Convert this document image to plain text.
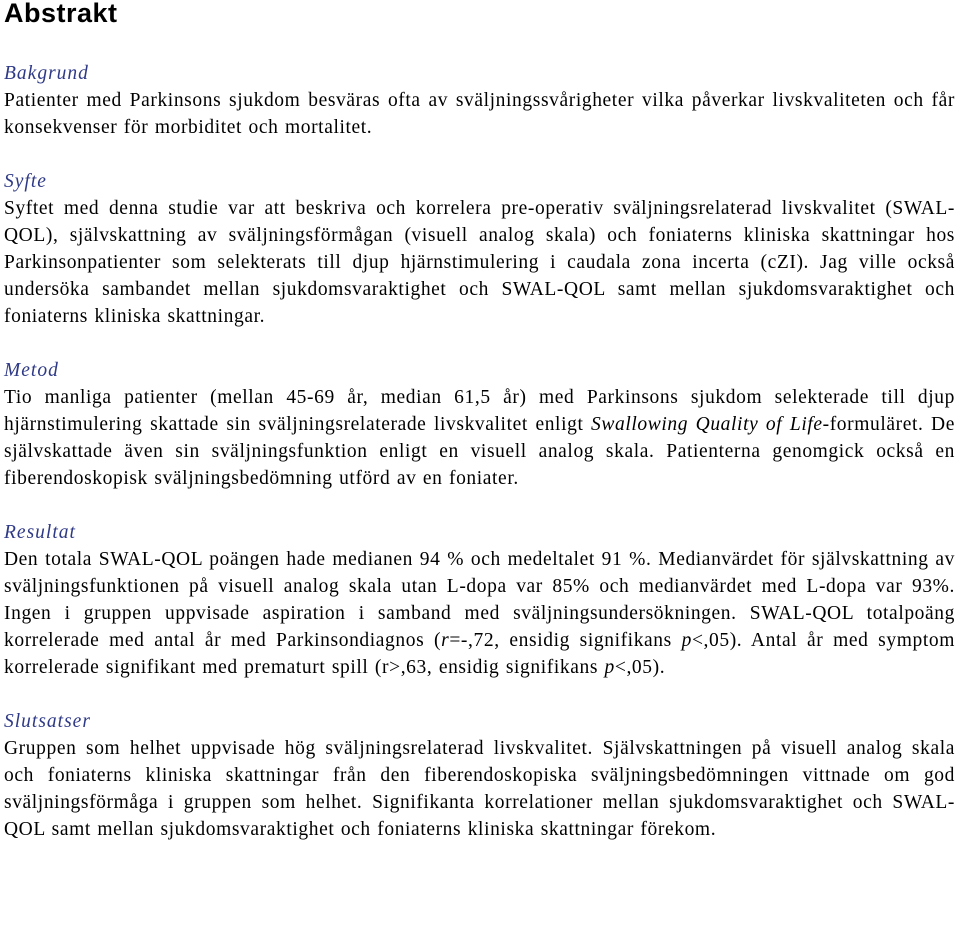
Abstrakt

Bakgrund

Patienter med Parkinsons sjukdom besväras ofta av sväljningssvårigheter vilka påverkar livskvaliteten och får konsekvenser för morbiditet och mortalitet.

Syfte

Syftet med denna studie var att beskriva och korrelera pre-operativ sväljningsrelaterad livskvalitet (SWAL-QOL), självskattning av sväljningsförmågan (visuell analog skala) och foniaterns kliniska skattningar hos Parkinsonpatienter som selekterats till djup hjärnstimulering i caudala zona incerta (cZI). Jag ville också undersöka sambandet mellan sjukdomsvaraktighet och SWAL-QOL samt mellan sjukdomsvaraktighet och foniaterns kliniska skattningar.

Metod

Tio manliga patienter (mellan 45-69 år, median 61,5 år) med Parkinsons sjukdom selekterade till djup hjärnstimulering skattade sin sväljningsrelaterade livskvalitet enligt Swallowing Quality of Life-formuläret. De självskattade även sin sväljningsfunktion enligt en visuell analog skala. Patienterna genomgick också en fiberendoskopisk sväljningsbedömning utförd av en foniater.

Resultat

Den totala SWAL-QOL poängen hade medianen 94 % och medeltalet 91 %. Medianvärdet för självskattning av sväljningsfunktionen på visuell analog skala utan L-dopa var 85% och medianvärdet med L-dopa var 93%. Ingen i gruppen uppvisade aspiration i samband med sväljningsundersökningen. SWAL-QOL totalpoäng korrelerade med antal år med Parkinsondiagnos (r=-,72, ensidig signifikans p<,05). Antal år med symptom korrelerade signifikant med prematurt spill (r>,63, ensidig signifikans p<,05).

Slutsatser

Gruppen som helhet uppvisade hög sväljningsrelaterad livskvalitet. Självskattningen på visuell analog skala och foniaterns kliniska skattningar från den fiberendoskopiska sväljningsbedömningen vittnade om god sväljningsförmåga i gruppen som helhet. Signifikanta korrelationer mellan sjukdomsvaraktighet och SWAL-QOL samt mellan sjukdomsvaraktighet och foniaterns kliniska skattningar förekom.
